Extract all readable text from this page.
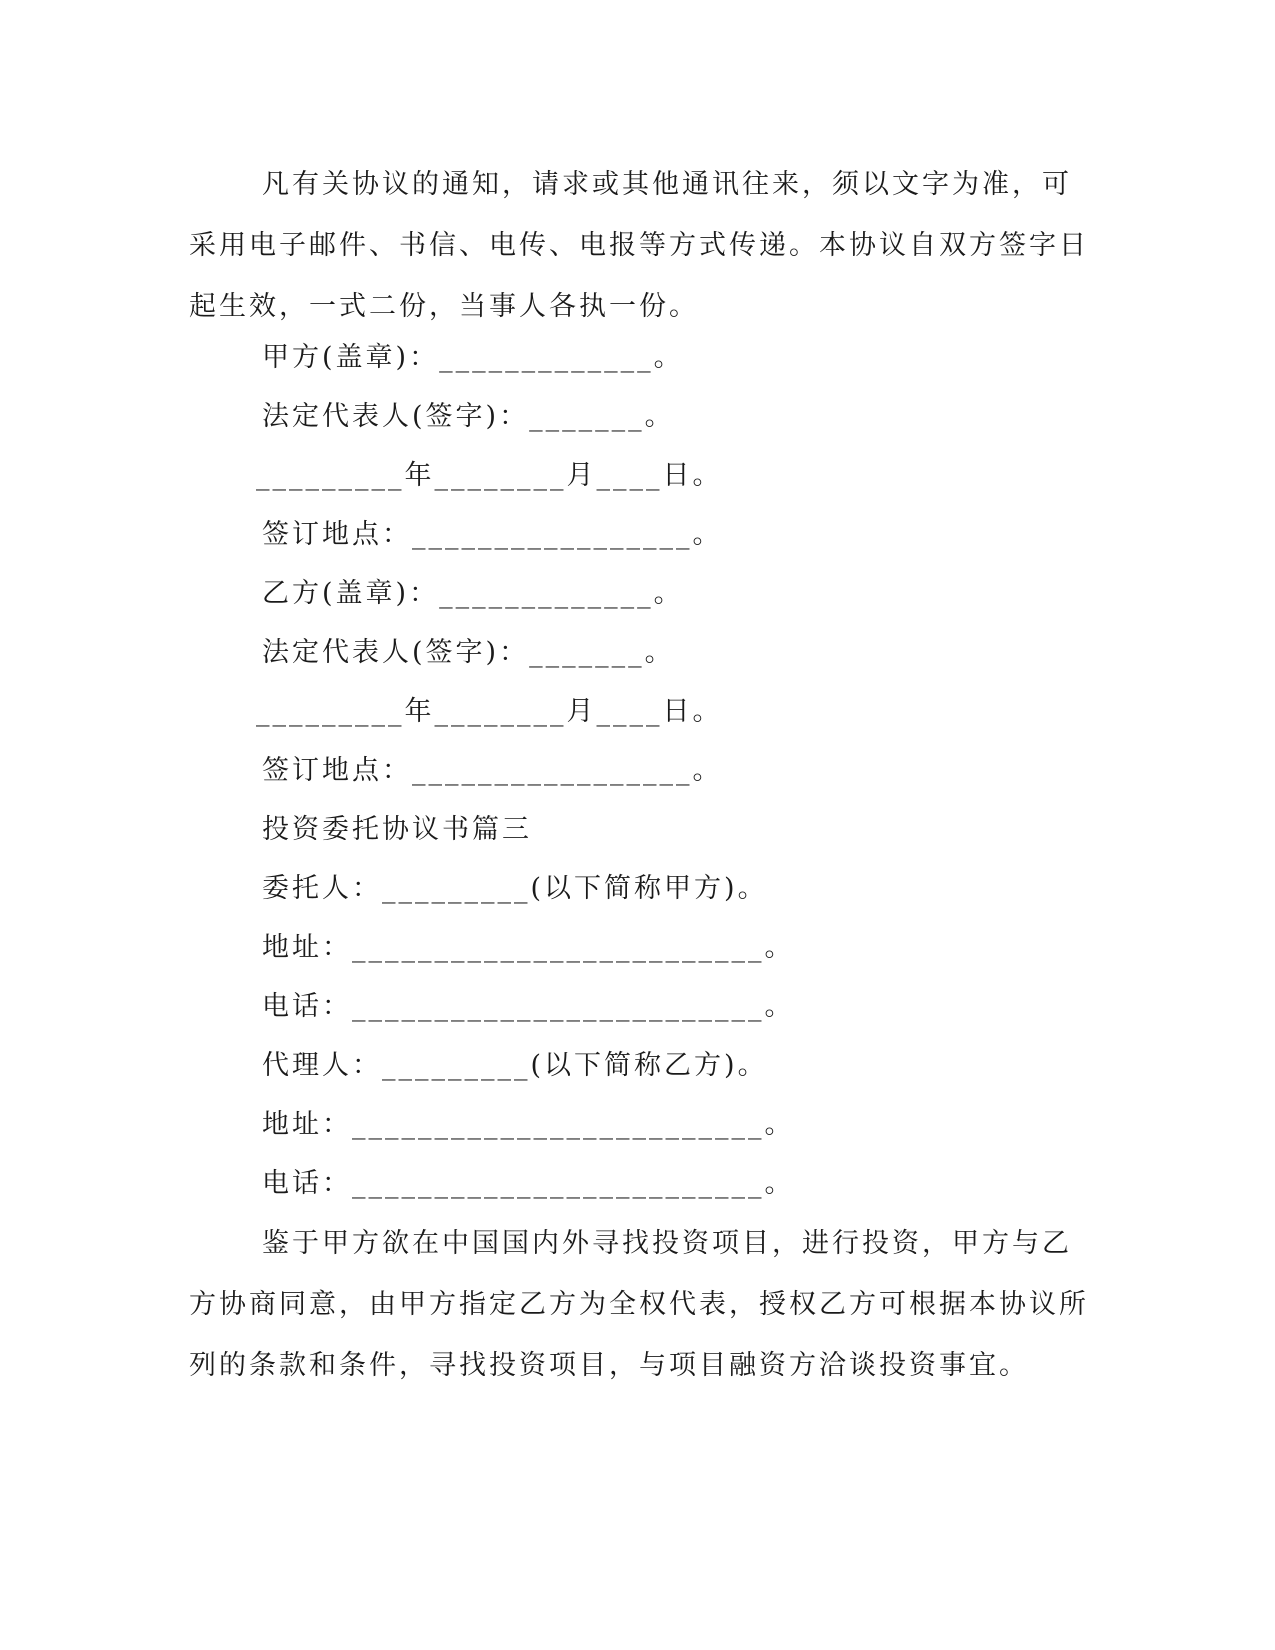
凡有关协议的通知，请求或其他通讯往来，须以文字为准，可采用电子邮件、书信、电传、电报等方式传递。本协议自双方签字日起生效，一式二份，当事人各执一份。

甲方(盖章)：_____________。

法定代表人(签字)：_______。

_________年________月____日。

签订地点：_________________。

乙方(盖章)：_____________。

法定代表人(签字)：_______。

_________年________月____日。

签订地点：_________________。

投资委托协议书篇三

委托人：_________(以下简称甲方)。

地址：_________________________。

电话：_________________________。

代理人：_________(以下简称乙方)。

地址：_________________________。

电话：_________________________。

鉴于甲方欲在中国国内外寻找投资项目，进行投资，甲方与乙方协商同意，由甲方指定乙方为全权代表，授权乙方可根据本协议所列的条款和条件，寻找投资项目，与项目融资方洽谈投资事宜。
